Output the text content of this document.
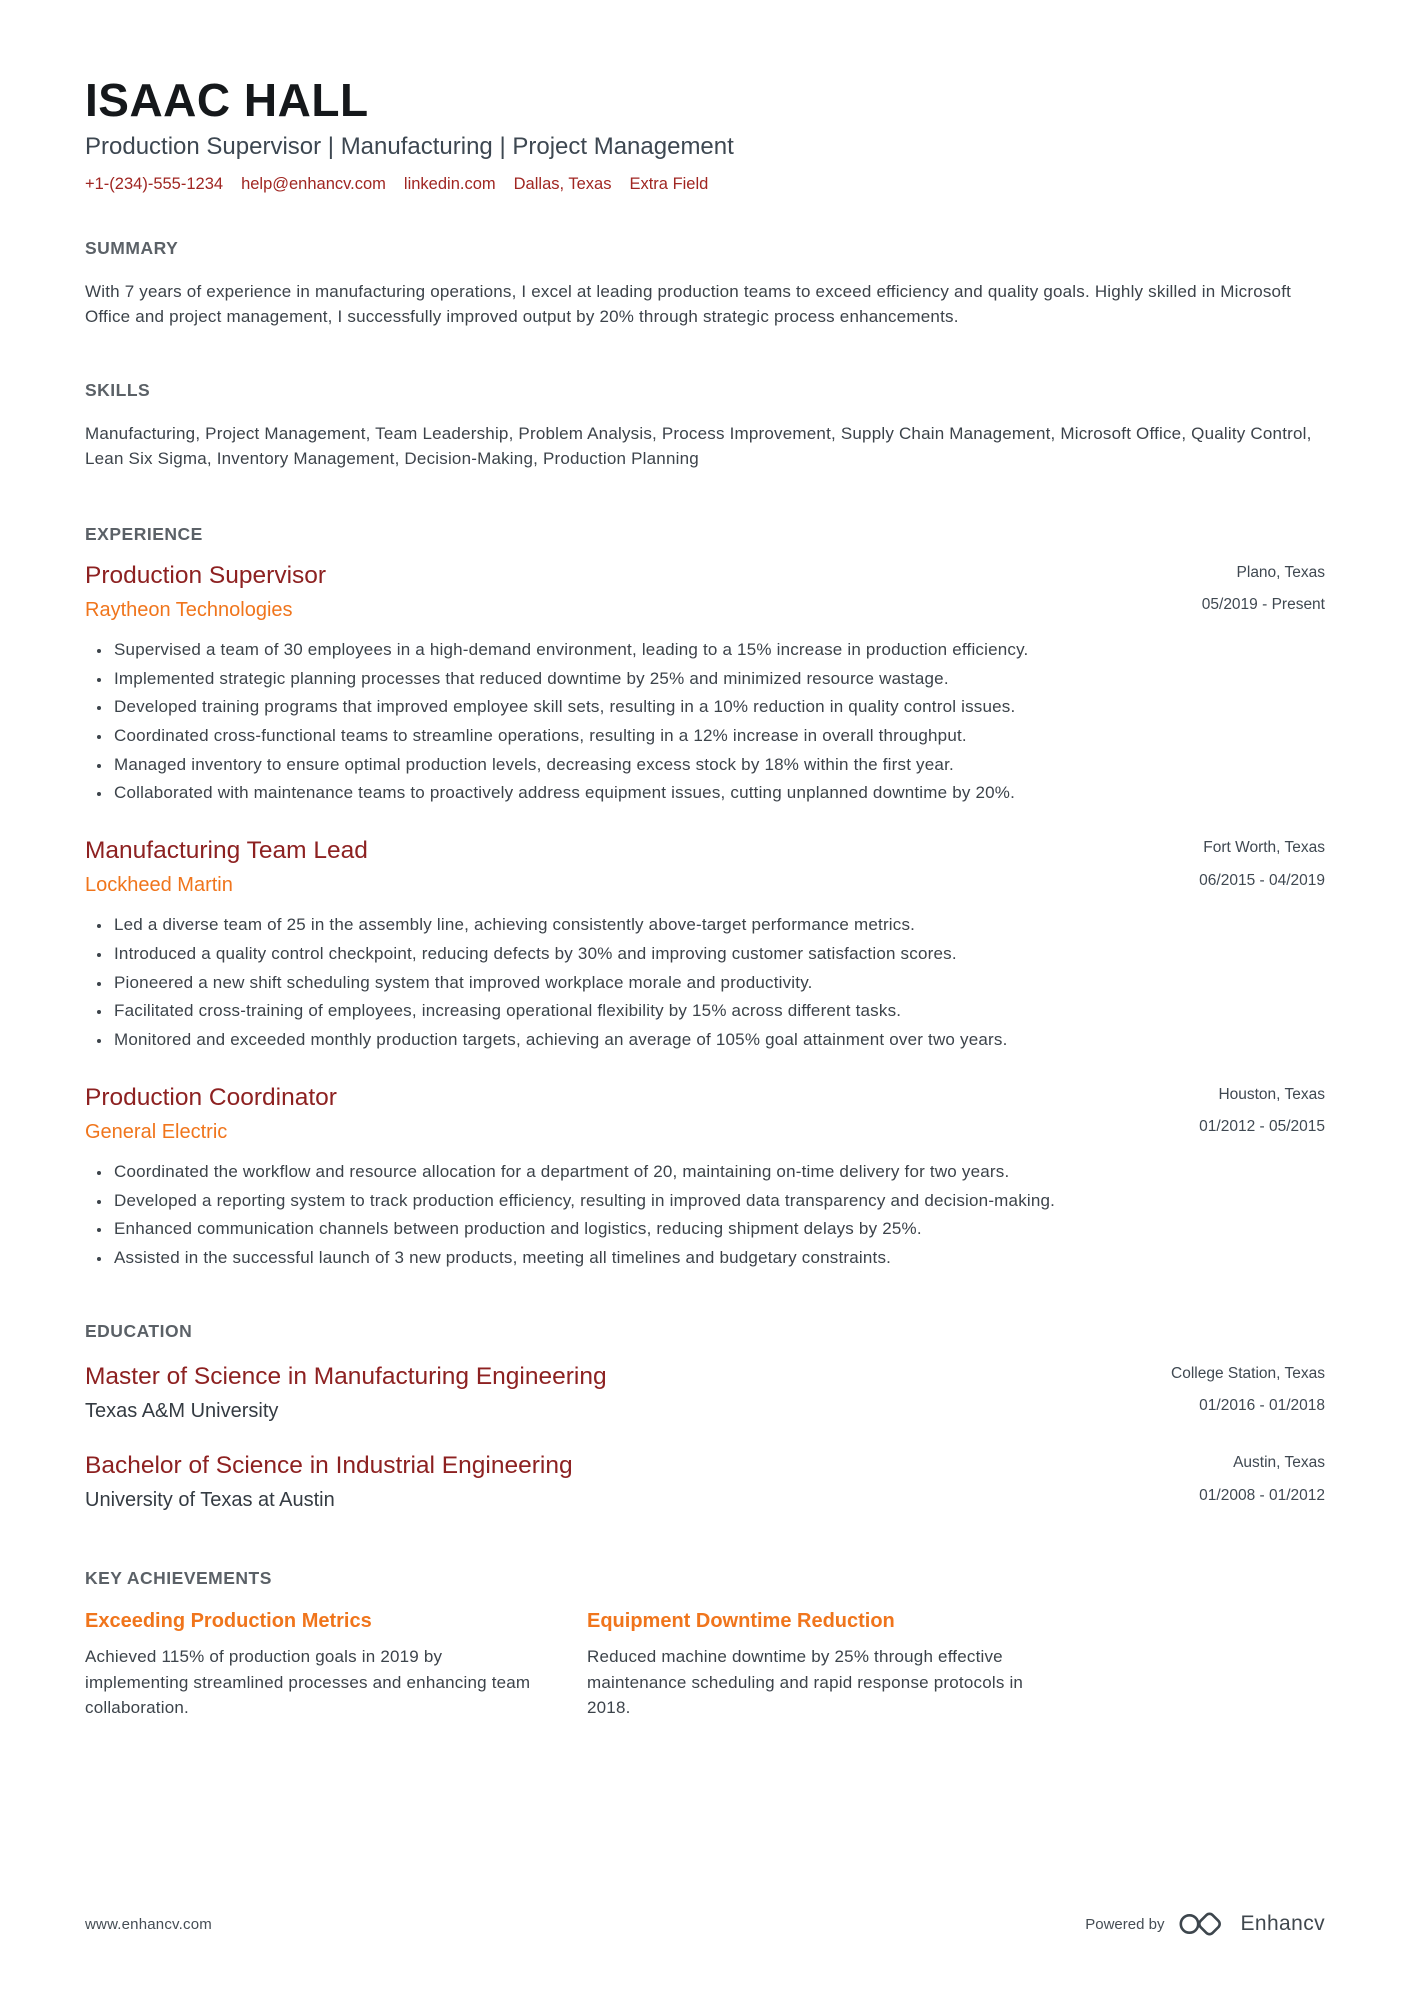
ISAAC HALL
Production Supervisor | Manufacturing | Project Management
+1-(234)-555-1234 help@enhancv.com linkedin.com Dallas, Texas Extra Field
SUMMARY

With 7 years of experience in manufacturing operations, I excel at leading production teams to exceed efficiency and quality goals. Highly skilled in Microsoft Office and project management, I successfully improved output by 20% through strategic process enhancements.

SKILLS

Manufacturing, Project Management, Team Leadership, Problem Analysis, Process Improvement, Supply Chain Management, Microsoft Office, Quality Control, Lean Six Sigma, Inventory Management, Decision-Making, Production Planning

EXPERIENCE
Production Supervisor
Raytheon Technologies
Plano, Texas
05/2019 - Present
• Supervised a team of 30 employees in a high-demand environment, leading to a 15% increase in production efficiency.
• Implemented strategic planning processes that reduced downtime by 25% and minimized resource wastage.
• Developed training programs that improved employee skill sets, resulting in a 10% reduction in quality control issues.
• Coordinated cross-functional teams to streamline operations, resulting in a 12% increase in overall throughput.
• Managed inventory to ensure optimal production levels, decreasing excess stock by 18% within the first year.
• Collaborated with maintenance teams to proactively address equipment issues, cutting unplanned downtime by 20%.
Manufacturing Team Lead
Lockheed Martin
Fort Worth, Texas
06/2015 - 04/2019
• Led a diverse team of 25 in the assembly line, achieving consistently above-target performance metrics.
• Introduced a quality control checkpoint, reducing defects by 30% and improving customer satisfaction scores.
• Pioneered a new shift scheduling system that improved workplace morale and productivity.
• Facilitated cross-training of employees, increasing operational flexibility by 15% across different tasks.
• Monitored and exceeded monthly production targets, achieving an average of 105% goal attainment over two years.
Production Coordinator
General Electric
Houston, Texas
01/2012 - 05/2015
• Coordinated the workflow and resource allocation for a department of 20, maintaining on-time delivery for two years.
• Developed a reporting system to track production efficiency, resulting in improved data transparency and decision-making.
• Enhanced communication channels between production and logistics, reducing shipment delays by 25%.
• Assisted in the successful launch of 3 new products, meeting all timelines and budgetary constraints.
EDUCATION
Master of Science in Manufacturing Engineering
Texas A&M University
College Station, Texas
01/2016 - 01/2018
Bachelor of Science in Industrial Engineering
University of Texas at Austin
Austin, Texas
01/2008 - 01/2012
KEY ACHIEVEMENTS
Exceeding Production Metrics

Achieved 115% of production goals in 2019 by implementing streamlined processes and enhancing team collaboration.

Equipment Downtime Reduction

Reduced machine downtime by 25% through effective maintenance scheduling and rapid response protocols in 2018.

www.enhancv.com	Powered by	Enhancv
